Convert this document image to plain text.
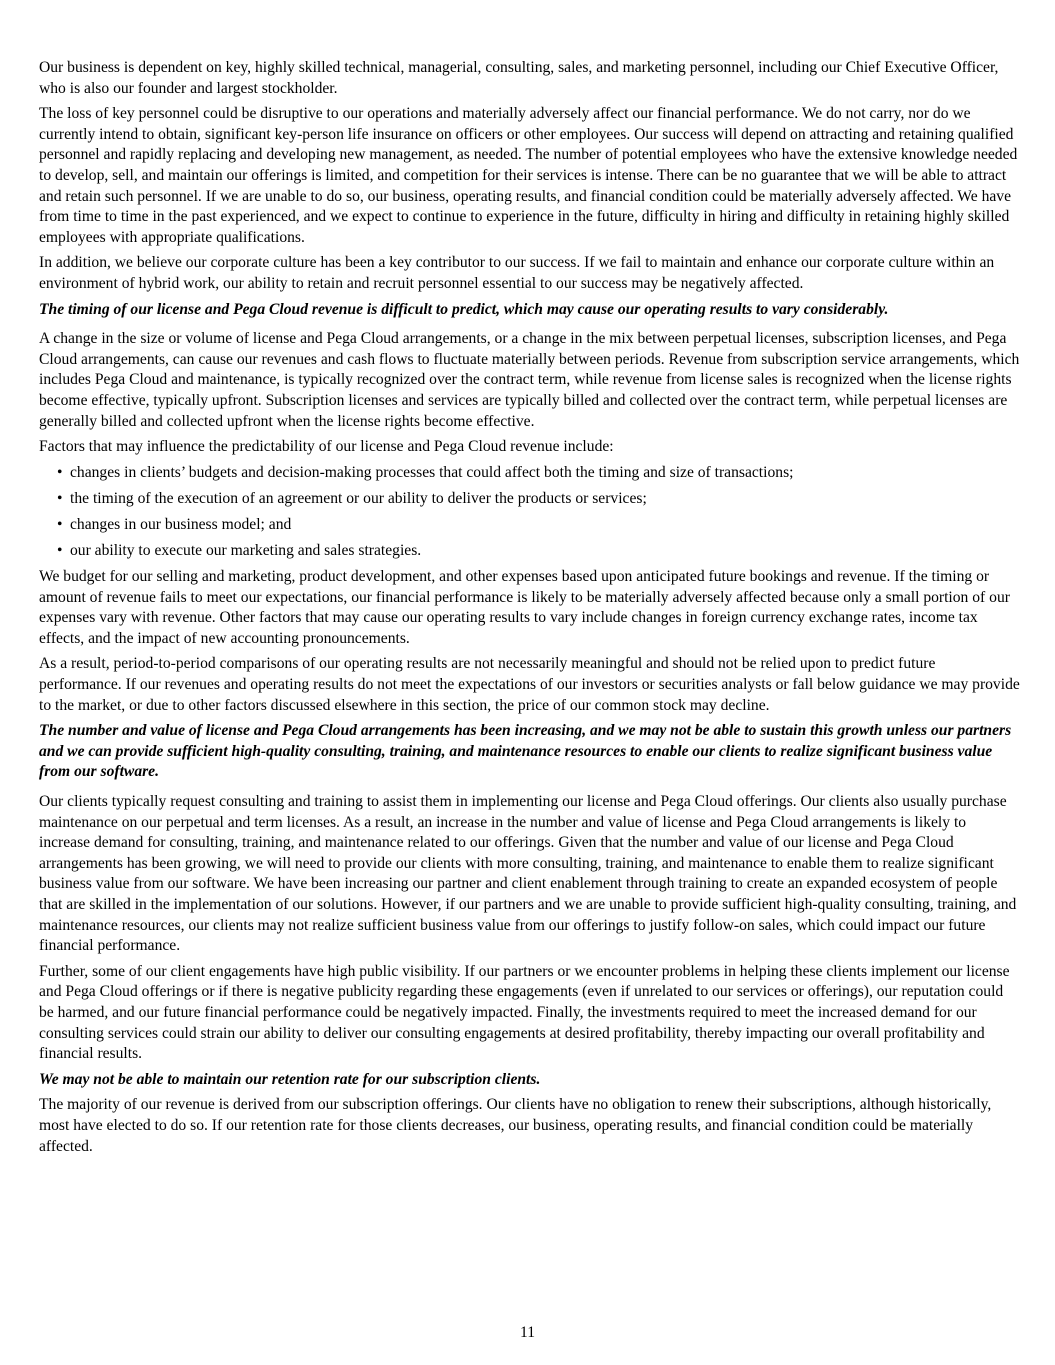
Our business is dependent on key, highly skilled technical, managerial, consulting, sales, and marketing personnel, including our Chief Executive Officer, who is also our founder and largest stockholder.

The loss of key personnel could be disruptive to our operations and materially adversely affect our financial performance. We do not carry, nor do we currently intend to obtain, significant key-person life insurance on officers or other employees. Our success will depend on attracting and retaining qualified personnel and rapidly replacing and developing new management, as needed. The number of potential employees who have the extensive knowledge needed to develop, sell, and maintain our offerings is limited, and competition for their services is intense. There can be no guarantee that we will be able to attract and retain such personnel. If we are unable to do so, our business, operating results, and financial condition could be materially adversely affected. We have from time to time in the past experienced, and we expect to continue to experience in the future, difficulty in hiring and difficulty in retaining highly skilled employees with appropriate qualifications.

In addition, we believe our corporate culture has been a key contributor to our success. If we fail to maintain and enhance our corporate culture within an environment of hybrid work, our ability to retain and recruit personnel essential to our success may be negatively affected.

The timing of our license and Pega Cloud revenue is difficult to predict, which may cause our operating results to vary considerably.

A change in the size or volume of license and Pega Cloud arrangements, or a change in the mix between perpetual licenses, subscription licenses, and Pega Cloud arrangements, can cause our revenues and cash flows to fluctuate materially between periods. Revenue from subscription service arrangements, which includes Pega Cloud and maintenance, is typically recognized over the contract term, while revenue from license sales is recognized when the license rights become effective, typically upfront. Subscription licenses and services are typically billed and collected over the contract term, while perpetual licenses are generally billed and collected upfront when the license rights become effective.

Factors that may influence the predictability of our license and Pega Cloud revenue include:

• changes in clients’ budgets and decision-making processes that could affect both the timing and size of transactions;
• the timing of the execution of an agreement or our ability to deliver the products or services;
• changes in our business model; and
• our ability to execute our marketing and sales strategies.

We budget for our selling and marketing, product development, and other expenses based upon anticipated future bookings and revenue. If the timing or amount of revenue fails to meet our expectations, our financial performance is likely to be materially adversely affected because only a small portion of our expenses vary with revenue. Other factors that may cause our operating results to vary include changes in foreign currency exchange rates, income tax effects, and the impact of new accounting pronouncements.

As a result, period-to-period comparisons of our operating results are not necessarily meaningful and should not be relied upon to predict future performance. If our revenues and operating results do not meet the expectations of our investors or securities analysts or fall below guidance we may provide to the market, or due to other factors discussed elsewhere in this section, the price of our common stock may decline.

The number and value of license and Pega Cloud arrangements has been increasing, and we may not be able to sustain this growth unless our partners and we can provide sufficient high-quality consulting, training, and maintenance resources to enable our clients to realize significant business value from our software.

Our clients typically request consulting and training to assist them in implementing our license and Pega Cloud offerings. Our clients also usually purchase maintenance on our perpetual and term licenses. As a result, an increase in the number and value of license and Pega Cloud arrangements is likely to increase demand for consulting, training, and maintenance related to our offerings. Given that the number and value of our license and Pega Cloud arrangements has been growing, we will need to provide our clients with more consulting, training, and maintenance to enable them to realize significant business value from our software. We have been increasing our partner and client enablement through training to create an expanded ecosystem of people that are skilled in the implementation of our solutions. However, if our partners and we are unable to provide sufficient high-quality consulting, training, and maintenance resources, our clients may not realize sufficient business value from our offerings to justify follow-on sales, which could impact our future financial performance.

Further, some of our client engagements have high public visibility. If our partners or we encounter problems in helping these clients implement our license and Pega Cloud offerings or if there is negative publicity regarding these engagements (even if unrelated to our services or offerings), our reputation could be harmed, and our future financial performance could be negatively impacted. Finally, the investments required to meet the increased demand for our consulting services could strain our ability to deliver our consulting engagements at desired profitability, thereby impacting our overall profitability and financial results.

We may not be able to maintain our retention rate for our subscription clients.

The majority of our revenue is derived from our subscription offerings. Our clients have no obligation to renew their subscriptions, although historically, most have elected to do so. If our retention rate for those clients decreases, our business, operating results, and financial condition could be materially affected.

11
